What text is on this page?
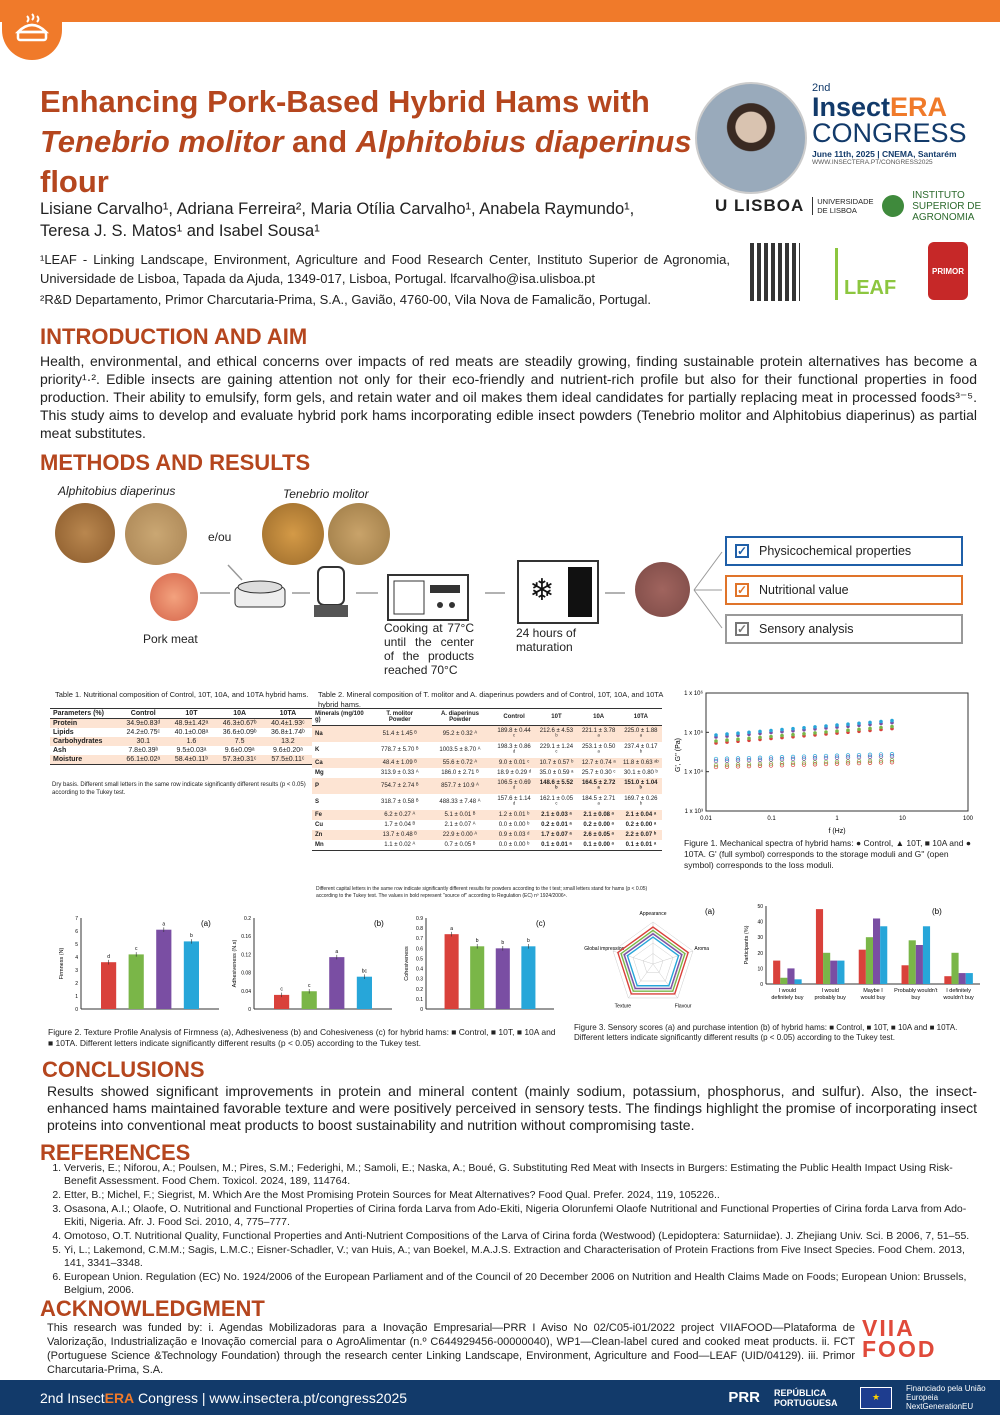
Enhancing Pork-Based Hybrid Hams with
Tenebrio molitor and Alphitobius diaperinus
flour
Lisiane Carvalho¹, Adriana Ferreira², Maria Otília Carvalho¹, Anabela Raymundo¹,
Teresa J. S. Matos¹ and Isabel Sousa¹
¹LEAF - Linking Landscape, Environment, Agriculture and Food Research Center, Instituto Superior de Agronomia, Universidade de Lisboa, Tapada da Ajuda, 1349-017, Lisboa, Portugal. lfcarvalho@isa.ulisboa.pt
²R&D Departamento, Primor Charcutaria-Prima, S.A., Gavião, 4760-00, Vila Nova de Famalicão, Portugal.
2nd
InsectERA
CONGRESS
June 11th, 2025 | CNEMA, Santarém
WWW.INSECTERA.PT/CONGRESS2025
U LISBOA	UNIVERSIDADE DE LISBOA
INSTITUTO SUPERIOR DE AGRONOMIA
LEAF
PRIMOR
INTRODUCTION AND AIM
Health, environmental, and ethical concerns over impacts of red meats are steadily growing, finding sustainable protein alternatives has become a priority¹·². Edible insects are gaining attention not only for their eco-friendly and nutrient-rich profile but also for their functional properties in food production. Their ability to emulsify, form gels, and retain water and oil makes them ideal candidates for partially replacing meat in processed foods³⁻⁵. This study aims to develop and evaluate hybrid pork hams incorporating edible insect powders (Tenebrio molitor and Alphitobius diaperinus) as partial meat substitutes.
METHODS AND RESULTS
Alphitobius diaperinus	Tenebrio molitor
e/ou
Pork meat
❄
Cooking at 77°C until the center of the products reached 70°C
24 hours of maturation
✓ Physicochemical properties
✓ Nutritional value
✓ Sensory analysis
Table 1. Nutritional composition of Control, 10T, 10A, and 10TA hybrid hams.
Parameters (%)	Control	10T	10A	10TA
Protein	34.9±0.83ᵈ	48.9±1.42ᵃ	46.3±0.67ᵇ	40.4±1.93ᶜ
Lipids	24.2±0.75ᶜ	40.1±0.08ᵃ	36.6±0.09ᵇ	36.8±1.74ᵇ
Carbohydrates	30.1	1.6	7.5	13.2
Ash	7.8±0.39ᵇ	9.5±0.03ᵃ	9.6±0.09ᵃ	9.6±0.20ᵃ
Moisture	66.1±0.02ᵃ	58.4±0.11ᵇ	57.3±0.31ᶜ	57.5±0.11ᶜ
Dry basis. Different small letters in the same row indicate significantly different results (p < 0.05) according to the Tukey test.
Table 2. Mineral composition of T. molitor and A. diaperinus powders and of Control, 10T, 10A, and 10TA hybrid hams.
Minerals (mg/100 g)	T. molitor Powder	A. diaperinus Powder	Control	10T	10A	10TA
Na	51.4 ± 1.45 ᴮ	95.2 ± 0.32 ᴬ	189.8 ± 0.44 ᶜ	212.6 ± 4.53 ᵇ	221.1 ± 3.78 ᵃ	225.0 ± 1.88 ᵃ
K	778.7 ± 5.70 ᴮ	1003.5 ± 8.70 ᴬ	198.3 ± 0.86 ᵈ	229.1 ± 1.24 ᶜ	253.1 ± 0.50 ᵃ	237.4 ± 0.17 ᵇ
Ca	48.4 ± 1.09 ᴮ	55.6 ± 0.72 ᴬ	9.0 ± 0.01 ᶜ	10.7 ± 0.57 ᵇ	12.7 ± 0.74 ᵃ	11.8 ± 0.63 ᵃᵇ
Mg	313.9 ± 0.33 ᴬ	186.0 ± 2.71 ᴮ	18.9 ± 0.29 ᵈ	35.0 ± 0.59 ᵃ	25.7 ± 0.30 ᶜ	30.1 ± 0.80 ᵇ
P	754.7 ± 2.74 ᴮ	857.7 ± 10.9 ᴬ	106.5 ± 0.69 ᵈ	148.6 ± 5.52 ᵇ	164.5 ± 2.72 ᵃ	151.0 ± 1.04 ᵇ
S	318.7 ± 0.58 ᴮ	488.33 ± 7.48 ᴬ	157.6 ± 1.14 ᵈ	162.1 ± 0.05 ᶜ	184.5 ± 2.71 ᵃ	169.7 ± 0.26 ᵇ
Fe	6.2 ± 0.27 ᴬ	5.1 ± 0.01 ᴮ	1.2 ± 0.01 ᵇ	2.1 ± 0.03 ᵃ	2.1 ± 0.08 ᵃ	2.1 ± 0.04 ᵃ
Cu	1.7 ± 0.04 ᴮ	2.1 ± 0.07 ᴬ	0.0 ± 0.00 ᵇ	0.2 ± 0.01 ᵃ	0.2 ± 0.00 ᵃ	0.2 ± 0.00 ᵃ
Zn	13.7 ± 0.48 ᴮ	22.9 ± 0.00 ᴬ	0.9 ± 0.03 ᵈ	1.7 ± 0.07 ᵃ	2.6 ± 0.05 ᵃ	2.2 ± 0.07 ᵇ
Mn	1.1 ± 0.02 ᴬ	0.7 ± 0.05 ᴮ	0.0 ± 0.00 ᵇ	0.1 ± 0.01 ᵃ	0.1 ± 0.00 ᵃ	0.1 ± 0.01 ᵃ
Different capital letters in the same row indicate significantly different results for powders according to the t test; small letters stand for hams (p < 0.05) according to the Tukey test. The values in bold represent "source of" according to Regulation (EC) nº 1924/2006⁶.
G', G'' (Pa)
1 x 10⁶
1 x 10⁵
1 x 10⁴
1 x 10³
0.01	0.1	1	10	100
f (Hz)
Figure 1. Mechanical spectra of hybrid hams: ● Control, ▲ 10T, ■ 10A and ● 10TA. G' (full symbol) corresponds to the storage moduli and G'' (open symbol) corresponds to the loss moduli.
0
1
2
3
4
5
6
7
Firmness (N)
(a)
d
c
a
b
0
0.04
0.08
0.12
0.16
0.2
Adhesiveness (N.s)
(b)
c
c
a
bc
0
0.1
0.2
0.3
0.4
0.5
0.6
0.7
0.8
0.9
Cohesiveness
(c)
a
b	b	b
Figure 2. Texture Profile Analysis of Firmness (a), Adhesiveness (b) and Cohesiveness (c) for hybrid hams: ■ Control, ■ 10T, ■ 10A and
■ 10TA. Different letters indicate significantly different results (p < 0.05) according to the Tukey test.
(a)
Appearance
Aroma
Flavour
Texture
Global impression
0
10
20
30
40
50
Participants (%)
(b)
I would
definitely buy
I would
probably buy
Maybe I
would buy
Probably wouldn't
buy
I definitely
wouldn't buy
Figure 3. Sensory scores (a) and purchase intention (b) of hybrid hams: ■ Control, ■ 10T, ■ 10A and ■ 10TA.
Different letters indicate significantly different results (p < 0.05) according to the Tukey test.
CONCLUSIONS
Results showed significant improvements in protein and mineral content (mainly sodium, potassium, phosphorus, and sulfur). Also, the insect-enhanced hams maintained favorable texture and were positively perceived in sensory tests. The findings highlight the promise of incorporating insect proteins into conventional meat products to boost sustainability and nutrition without compromising taste.
REFERENCES
1. Ververis, E.; Niforou, A.; Poulsen, M.; Pires, S.M.; Federighi, M.; Samoli, E.; Naska, A.; Boué, G. Substituting Red Meat with Insects in Burgers: Estimating the Public Health Impact Using Risk-Benefit Assessment. Food Chem. Toxicol. 2024, 189, 114764.
2. Etter, B.; Michel, F.; Siegrist, M. Which Are the Most Promising Protein Sources for Meat Alternatives? Food Qual. Prefer. 2024, 119, 105226..
3. Osasona, A.I.; Olaofe, O. Nutritional and Functional Properties of Cirina forda Larva from Ado-Ekiti, Nigeria Olorunfemi Olaofe Nutritional and Functional Properties of Cirina forda Larva from Ado-Ekiti, Nigeria. Afr. J. Food Sci. 2010, 4, 775–777.
4. Omotoso, O.T. Nutritional Quality, Functional Properties and Anti-Nutrient Compositions of the Larva of Cirina forda (Westwood) (Lepidoptera: Saturniidae). J. Zhejiang Univ. Sci. B 2006, 7, 51–55.
5. Yi, L.; Lakemond, C.M.M.; Sagis, L.M.C.; Eisner-Schadler, V.; van Huis, A.; van Boekel, M.A.J.S. Extraction and Characterisation of Protein Fractions from Five Insect Species. Food Chem. 2013, 141, 3341–3348.
6. European Union. Regulation (EC) No. 1924/2006 of the European Parliament and of the Council of 20 December 2006 on Nutrition and Health Claims Made on Foods; European Union: Brussels, Belgium, 2006.
ACKNOWLEDGMENT
This research was funded by: i. Agendas Mobilizadoras para a Inovação Empresarial—PRR I Aviso No 02/C05-i01/2022 project VIIAFOOD—Plataforma de Valorização, Industrialização e Inovação comercial para o AgroAlimentar (n.º C644929456-00000040), WP1—Clean-label cured and cooked meat products. ii. FCT (Portuguese Science &Technology Foundation) through the research center Linking Landscape, Environment, Agriculture and Food—LEAF (UID/04129). iii. Primor Charcutaria-Prima, S.A.
VIIA
FOOD
2nd InsectERA Congress | www.insectera.pt/congress2025	PRR REPÚBLICA PORTUGUESA
★
Financiado pela União Europeia NextGenerationEU
